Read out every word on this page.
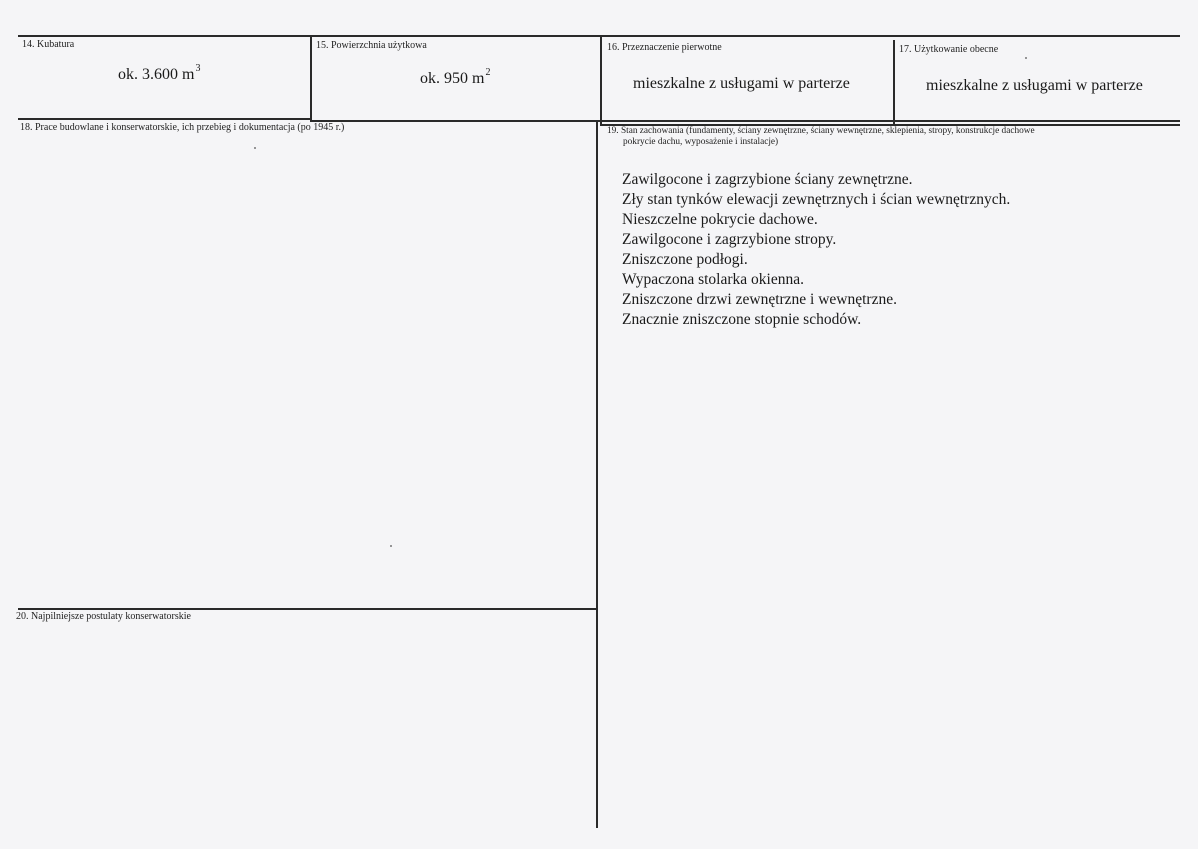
14. Kubatura
ok. 3.600 $m^3$
15. Powierzchnia użytkowa
ok. 950 $m^2$
16. Przeznaczenie pierwotne
mieszkalne z usługami w parterze
17. Użytkowanie obecne
mieszkalne z usługami w parterze
18. Prace budowlane i konserwatorskie, ich przebieg i dokumentacja (po 1945 r.)	19. Stan zachowania (fundamenty, ściany zewnętrzne, ściany wewnętrzne, sklepienia, stropy, konstrukcje dachowe
pokrycie dachu, wyposażenie i instalacje)
Zawilgocone i zagrzybione ściany zewnętrzne.
Zły stan tynków elewacji zewnętrznych i ścian wewnętrznych.
Nieszczelne pokrycie dachowe.
Zawilgocone i zagrzybione stropy.
Zniszczone podłogi.
Wypaczona stolarka okienna.
Zniszczone drzwi zewnętrzne i wewnętrzne.
Znacznie zniszczone stopnie schodów.
20. Najpilniejsze postulaty konserwatorskie
